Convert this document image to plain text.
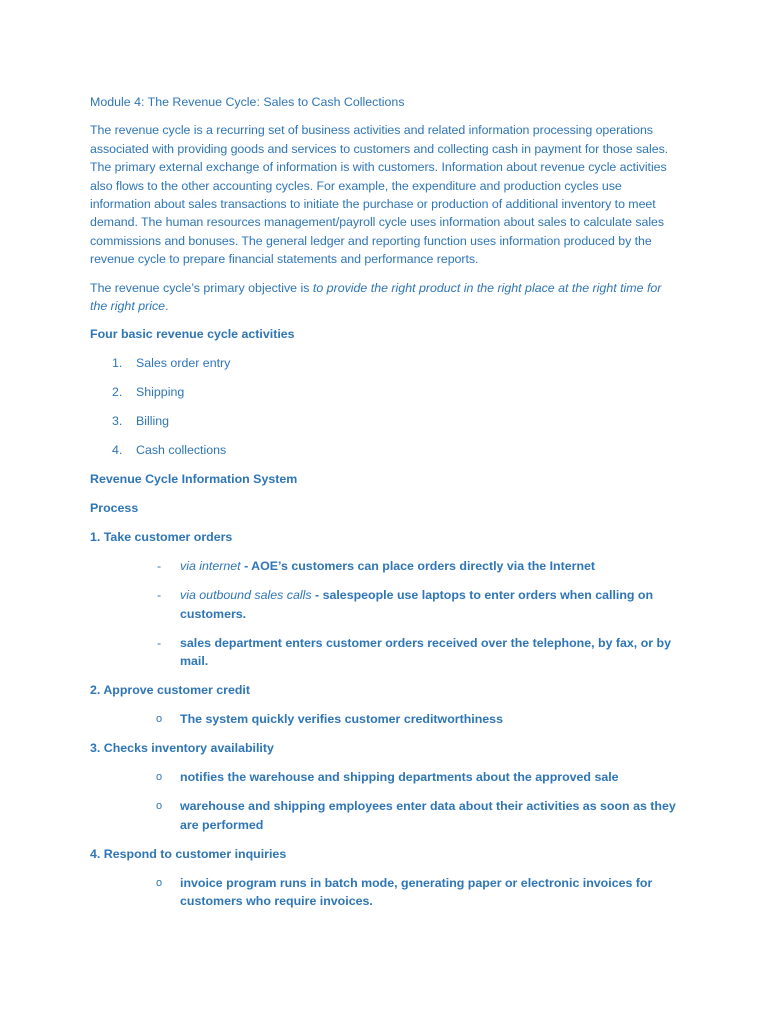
Module 4: The Revenue Cycle: Sales to Cash Collections

The revenue cycle is a recurring set of business activities and related information processing operations associated with providing goods and services to customers and collecting cash in payment for those sales. The primary external exchange of information is with customers. Information about revenue cycle activities also flows to the other accounting cycles. For example, the expenditure and production cycles use information about sales transactions to initiate the purchase or production of additional inventory to meet demand. The human resources management/payroll cycle uses information about sales to calculate sales commissions and bonuses. The general ledger and reporting function uses information produced by the revenue cycle to prepare financial statements and performance reports.

The revenue cycle’s primary objective is to provide the right product in the right place at the right time for the right price.

Four basic revenue cycle activities

1. Sales order entry
2. Shipping
3. Billing
4. Cash collections

Revenue Cycle Information System

Process

1. Take customer orders

- via internet - AOE’s customers can place orders directly via the Internet
- via outbound sales calls - salespeople use laptops to enter orders when calling on customers.
- sales department enters customer orders received over the telephone, by fax, or by mail.

2. Approve customer credit

o The system quickly verifies customer creditworthiness

3. Checks inventory availability

o notifies the warehouse and shipping departments about the approved sale
o warehouse and shipping employees enter data about their activities as soon as they are performed

4. Respond to customer inquiries

o invoice program runs in batch mode, generating paper or electronic invoices for customers who require invoices.
